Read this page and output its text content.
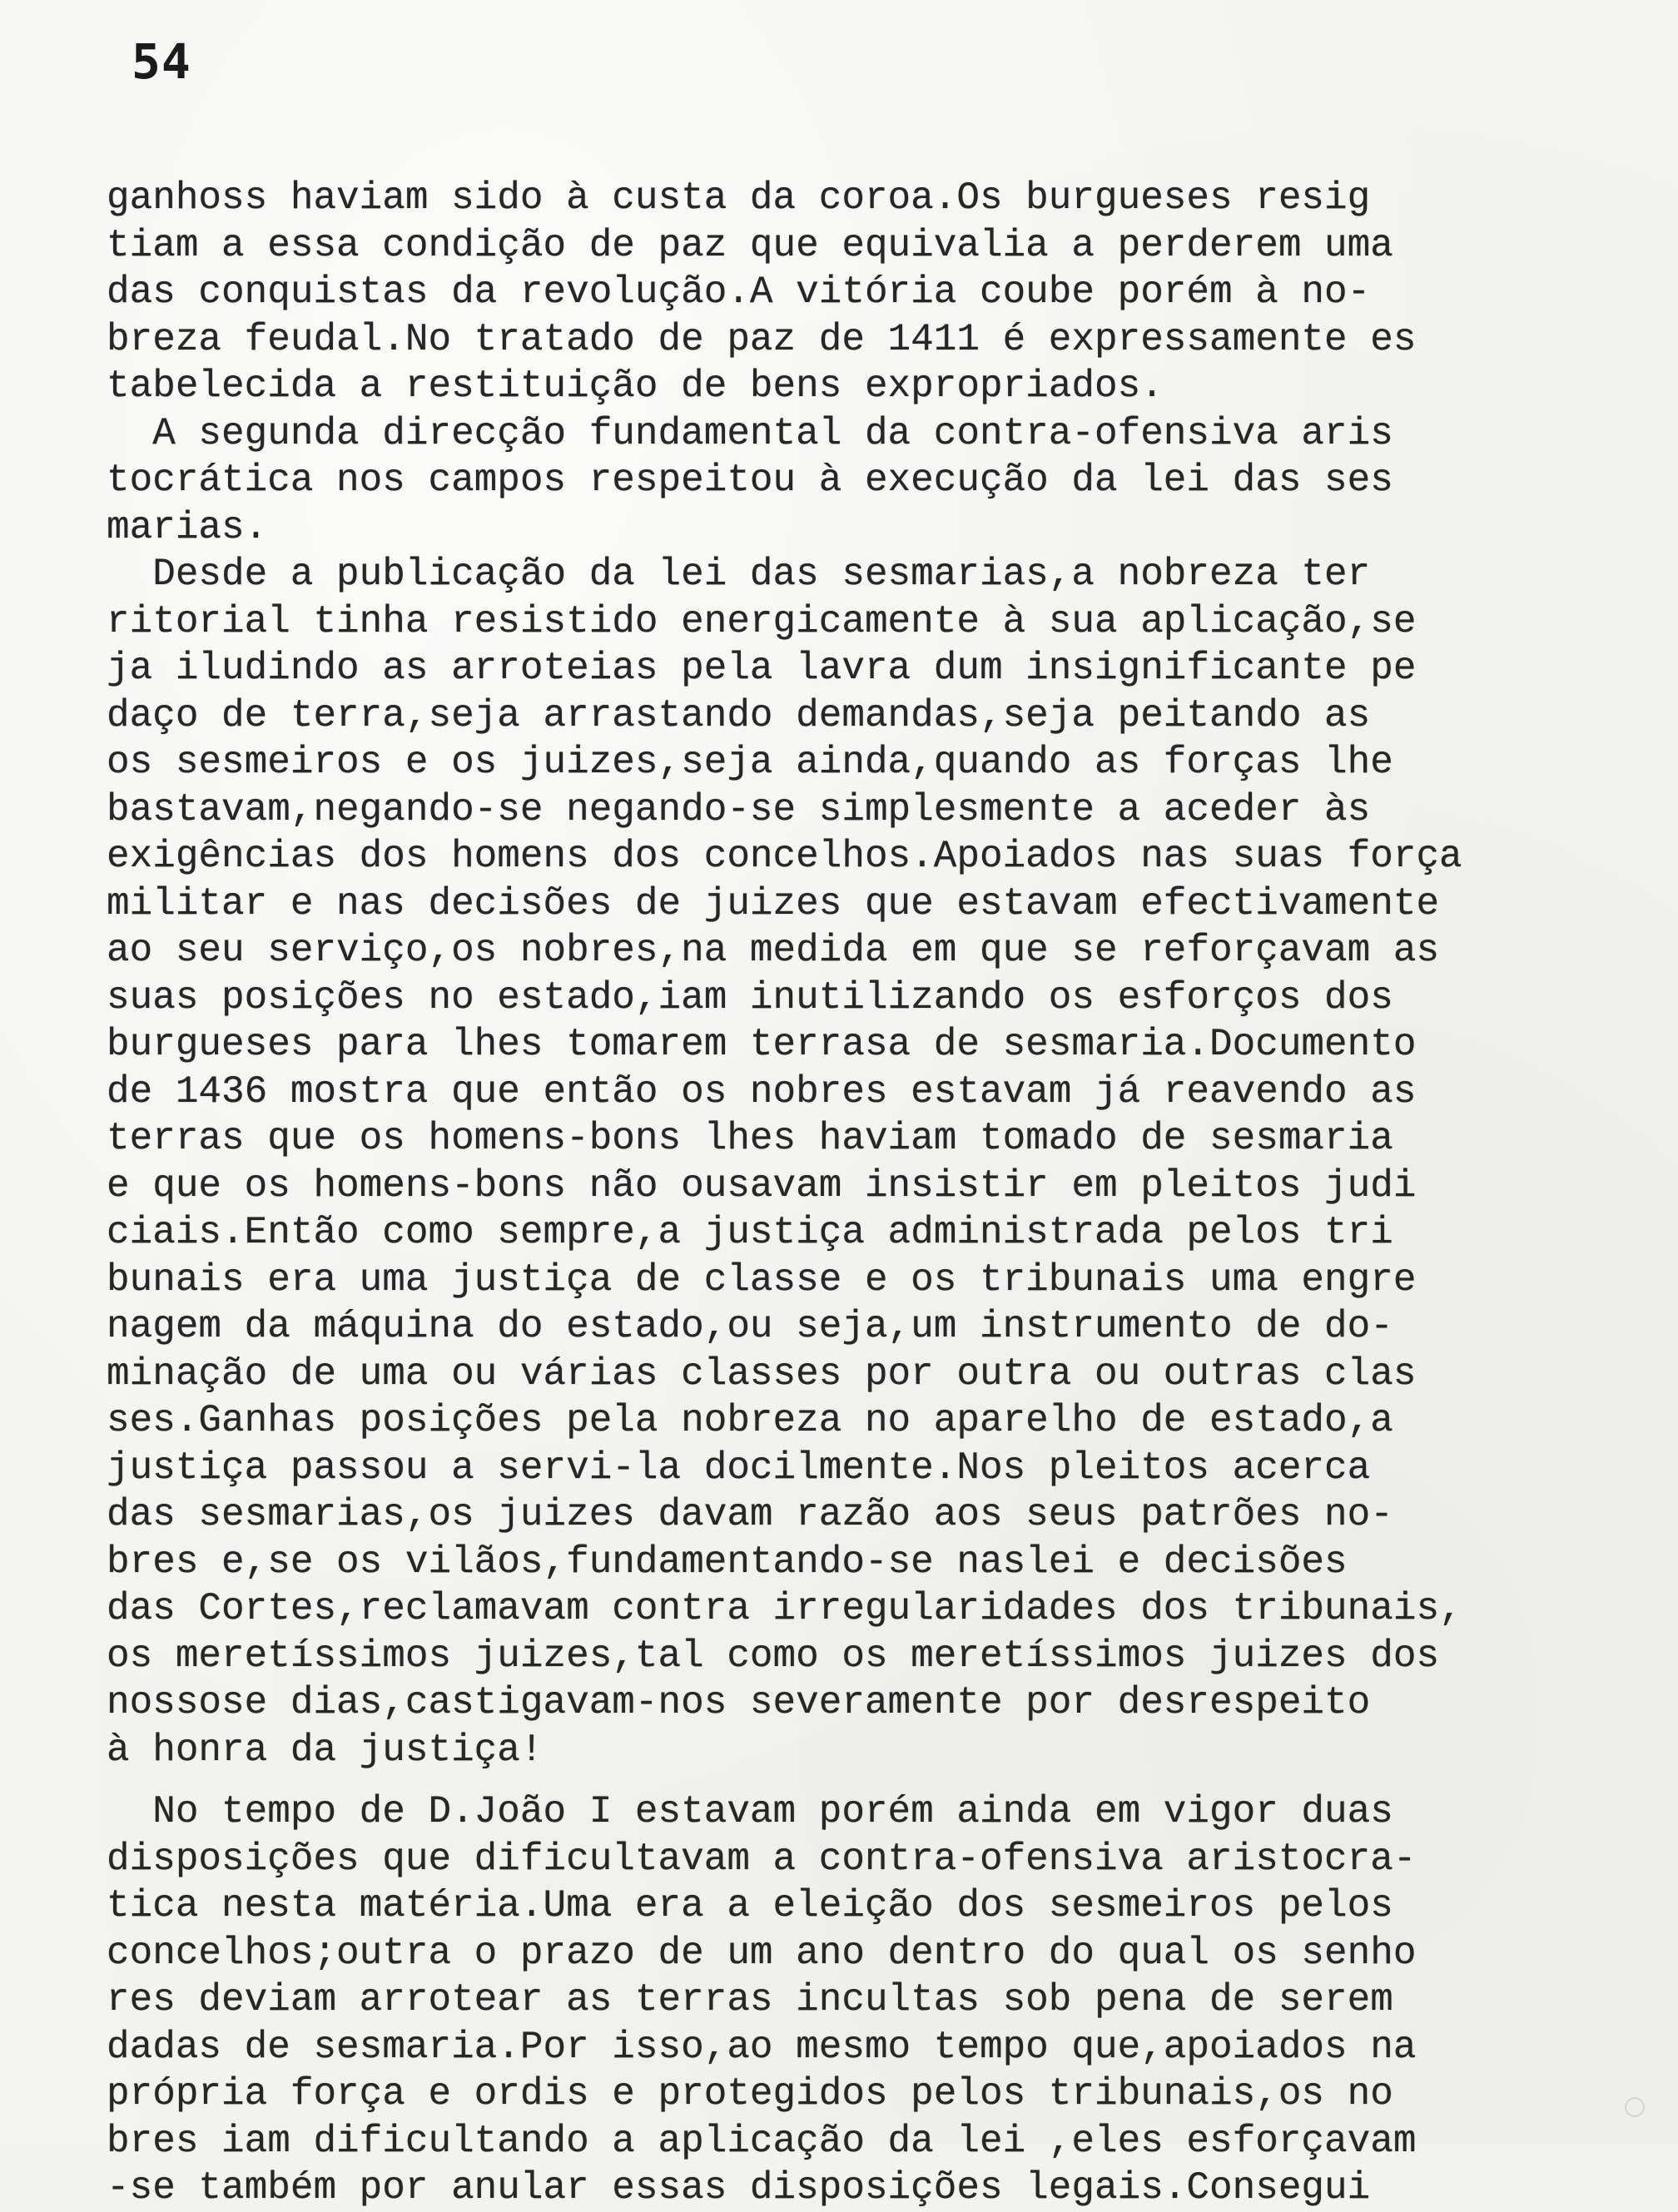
54
ganhoss haviam sido à custa da coroa.Os burgueses resig
tiam a essa condição de paz que equivalia a perderem uma
das conquistas da revolução.A vitória coube porém à no-
breza feudal.No tratado de paz de 1411 é expressamente es
tabelecida a restituição de bens expropriados.
A segunda direcção fundamental da contra-ofensiva aris
tocrática nos campos respeitou à execução da lei das ses
marias.
Desde a publicação da lei das sesmarias,a nobreza ter
ritorial tinha resistido energicamente à sua aplicação,se
ja iludindo as arroteias pela lavra dum insignificante pe
daço de terra,seja arrastando demandas,seja peitando as
os sesmeiros e os juizes,seja ainda,quando as forças lhe
bastavam,negando-se negando-se simplesmente a aceder às
exigências dos homens dos concelhos.Apoiados nas suas força
militar e nas decisões de juizes que estavam efectivamente
ao seu serviço,os nobres,na medida em que se reforçavam as
suas posições no estado,iam inutilizando os esforços dos
burgueses para lhes tomarem terrasa de sesmaria.Documento
de 1436 mostra que então os nobres estavam já reavendo as
terras que os homens-bons lhes haviam tomado de sesmaria
e que os homens-bons não ousavam insistir em pleitos judi
ciais.Então como sempre,a justiça administrada pelos tri
bunais era uma justiça de classe e os tribunais uma engre
nagem da máquina do estado,ou seja,um instrumento de do-
minação de uma ou várias classes por outra ou outras clas
ses.Ganhas posições pela nobreza no aparelho de estado,a
justiça passou a servi-la docilmente.Nos pleitos acerca
das sesmarias,os juizes davam razão aos seus patrões no-
bres e,se os vilãos,fundamentando-se naslei e decisões
das Cortes,reclamavam contra irregularidades dos tribunais,
os meretíssimos juizes,tal como os meretíssimos juizes dos
nossose dias,castigavam-nos severamente por desrespeito
à honra da justiça!
No tempo de D.João I estavam porém ainda em vigor duas
disposições que dificultavam a contra-ofensiva aristocra-
tica nesta matéria.Uma era a eleição dos sesmeiros pelos
concelhos;outra o prazo de um ano dentro do qual os senho
res deviam arrotear as terras incultas sob pena de serem
dadas de sesmaria.Por isso,ao mesmo tempo que,apoiados na
própria força e ordis e protegidos pelos tribunais,os no
bres iam dificultando a aplicação da lei ,eles esforçavam
-se também por anular essas disposições legais.Consegui
